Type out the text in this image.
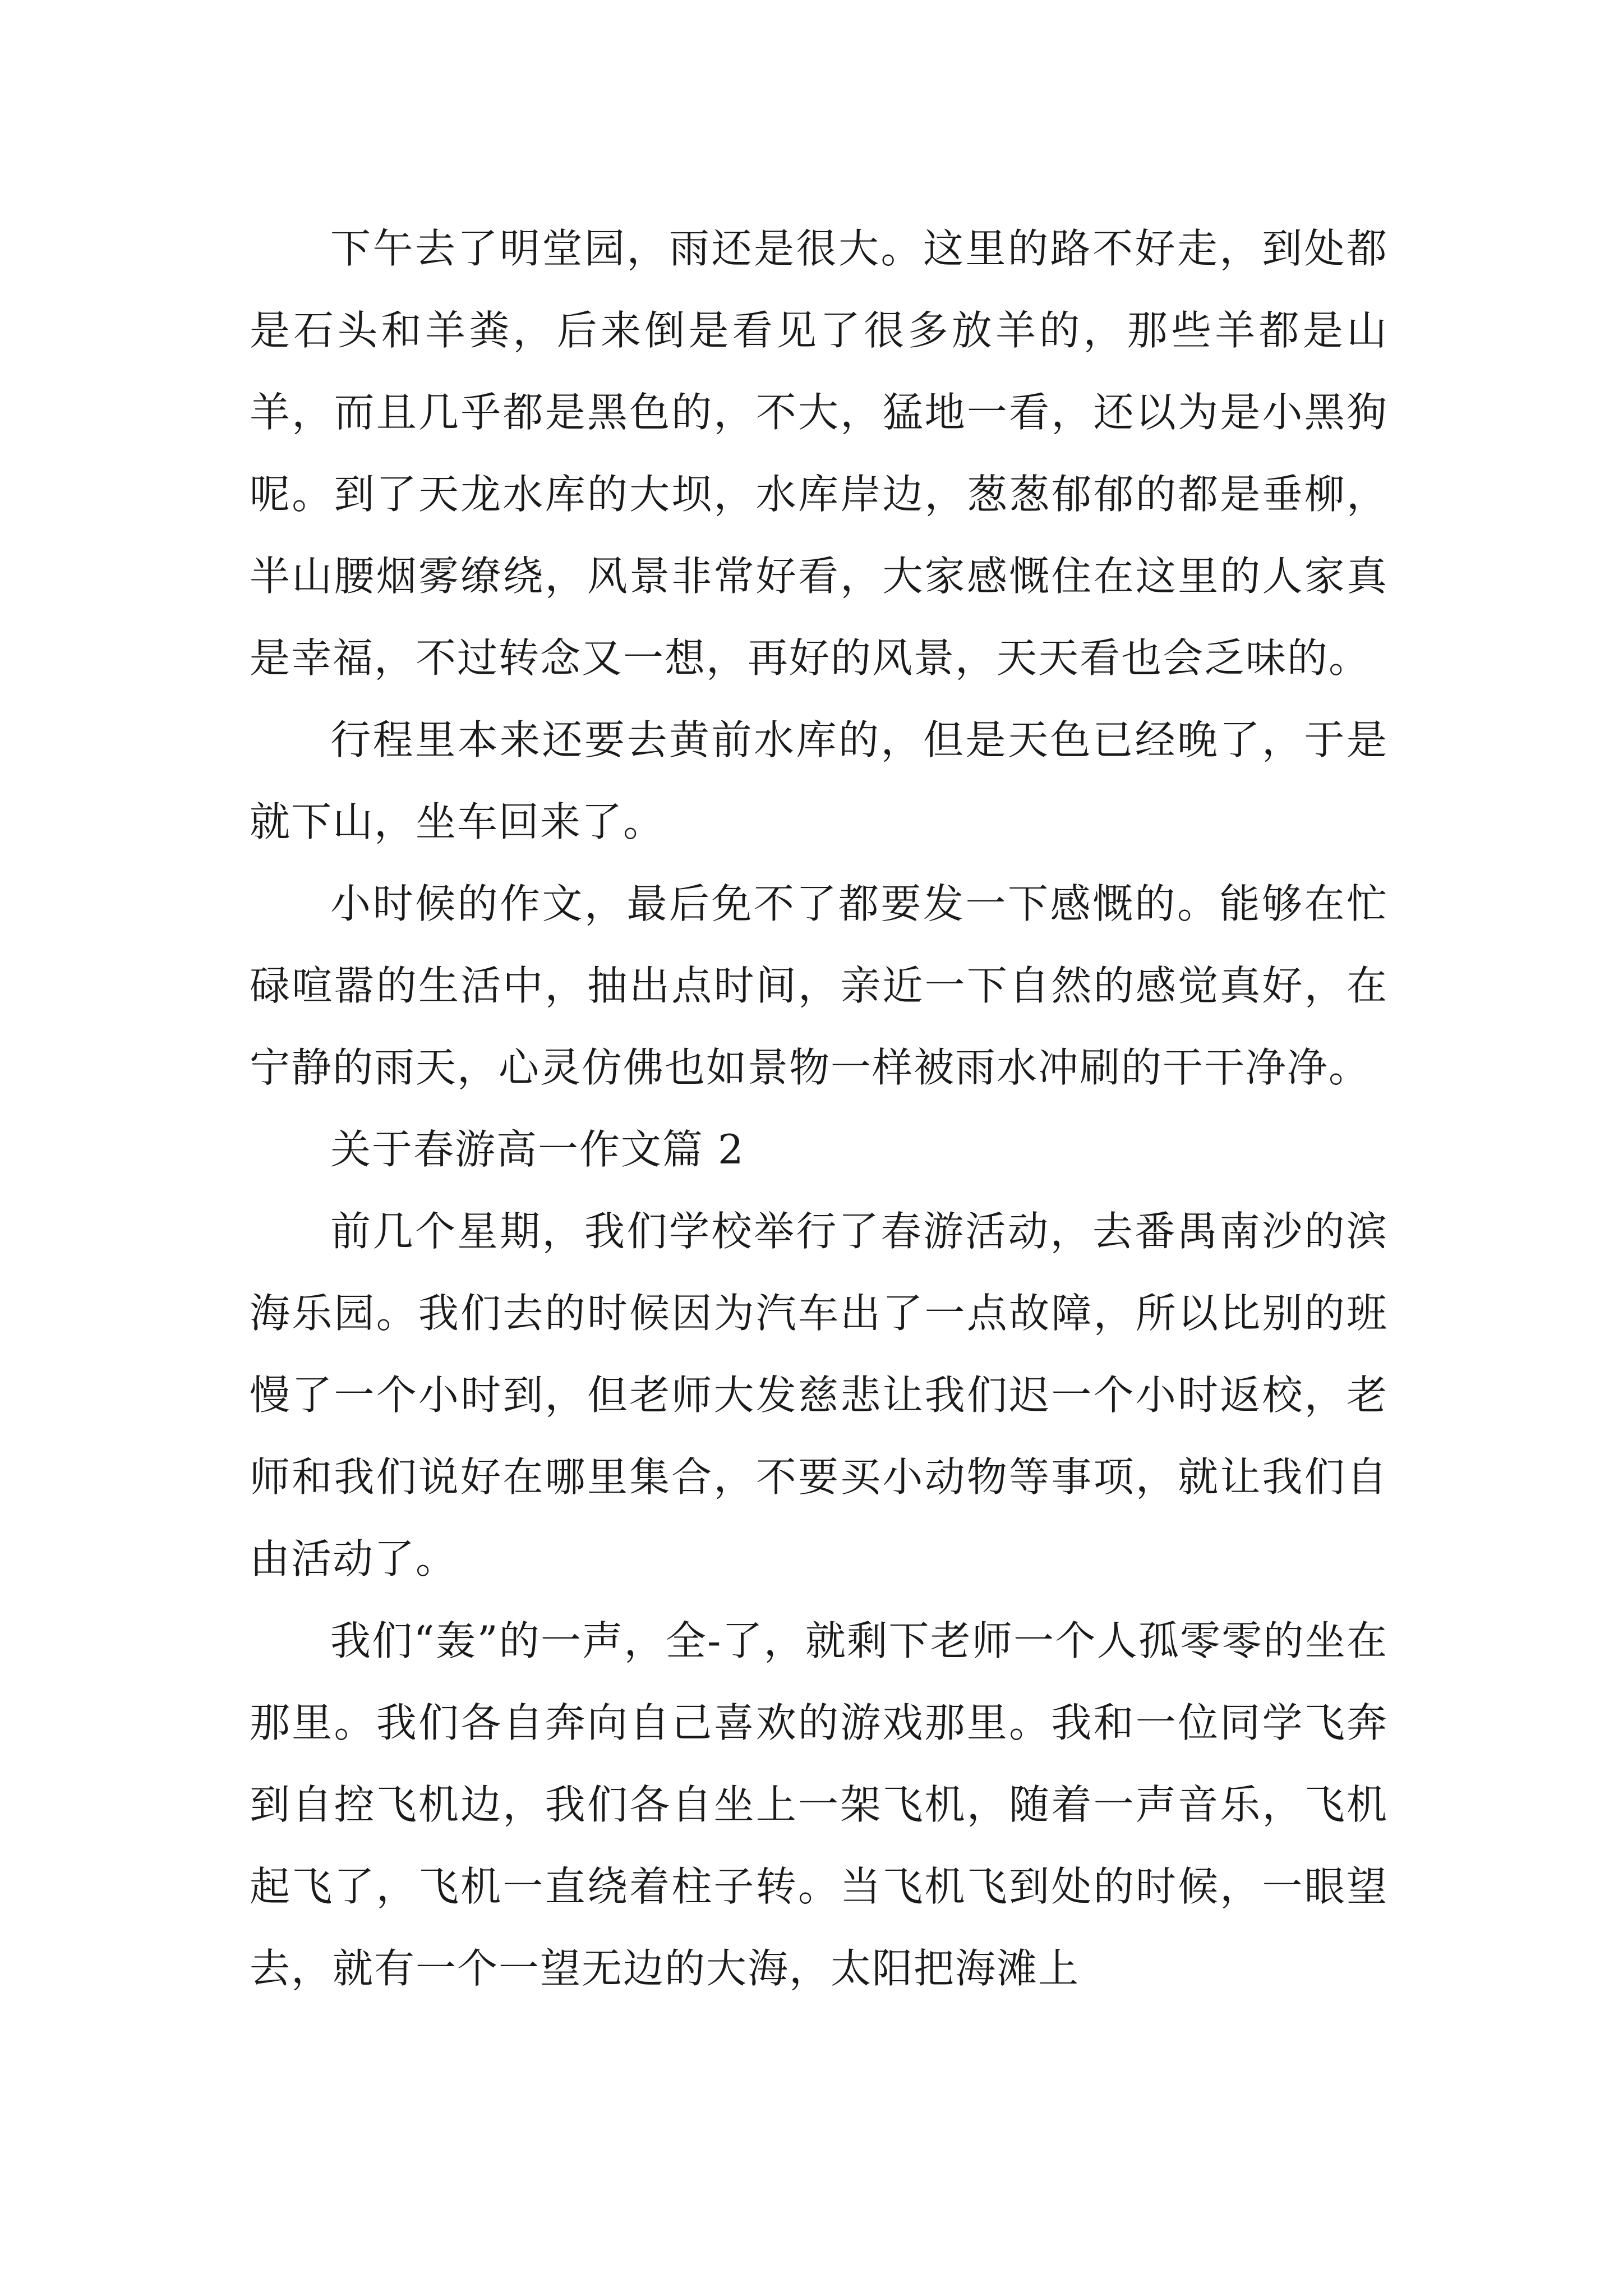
下午去了明堂园，雨还是很大。这里的路不好走，到处都是石头和羊粪，后来倒是看见了很多放羊的，那些羊都是山羊，而且几乎都是黑色的，不大，猛地一看，还以为是小黑狗呢。到了天龙水库的大坝，水库岸边，葱葱郁郁的都是垂柳，半山腰烟雾缭绕，风景非常好看，大家感慨住在这里的人家真是幸福，不过转念又一想，再好的风景，天天看也会乏味的。

行程里本来还要去黄前水库的，但是天色已经晚了，于是就下山，坐车回来了。

小时候的作文，最后免不了都要发一下感慨的。能够在忙碌喧嚣的生活中，抽出点时间，亲近一下自然的感觉真好，在宁静的雨天，心灵仿佛也如景物一样被雨水冲刷的干干净净。

关于春游高一作文篇 2

前几个星期，我们学校举行了春游活动，去番禺南沙的滨海乐园。我们去的时候因为汽车出了一点故障，所以比别的班慢了一个小时到，但老师大发慈悲让我们迟一个小时返校，老师和我们说好在哪里集合，不要买小动物等事项，就让我们自由活动了。

我们“轰”的一声，全-了，就剩下老师一个人孤零零的坐在那里。我们各自奔向自己喜欢的游戏那里。我和一位同学飞奔到自控飞机边，我们各自坐上一架飞机，随着一声音乐，飞机起飞了，飞机一直绕着柱子转。当飞机飞到处的时候，一眼望去，就有一个一望无边的大海，太阳把海滩上
